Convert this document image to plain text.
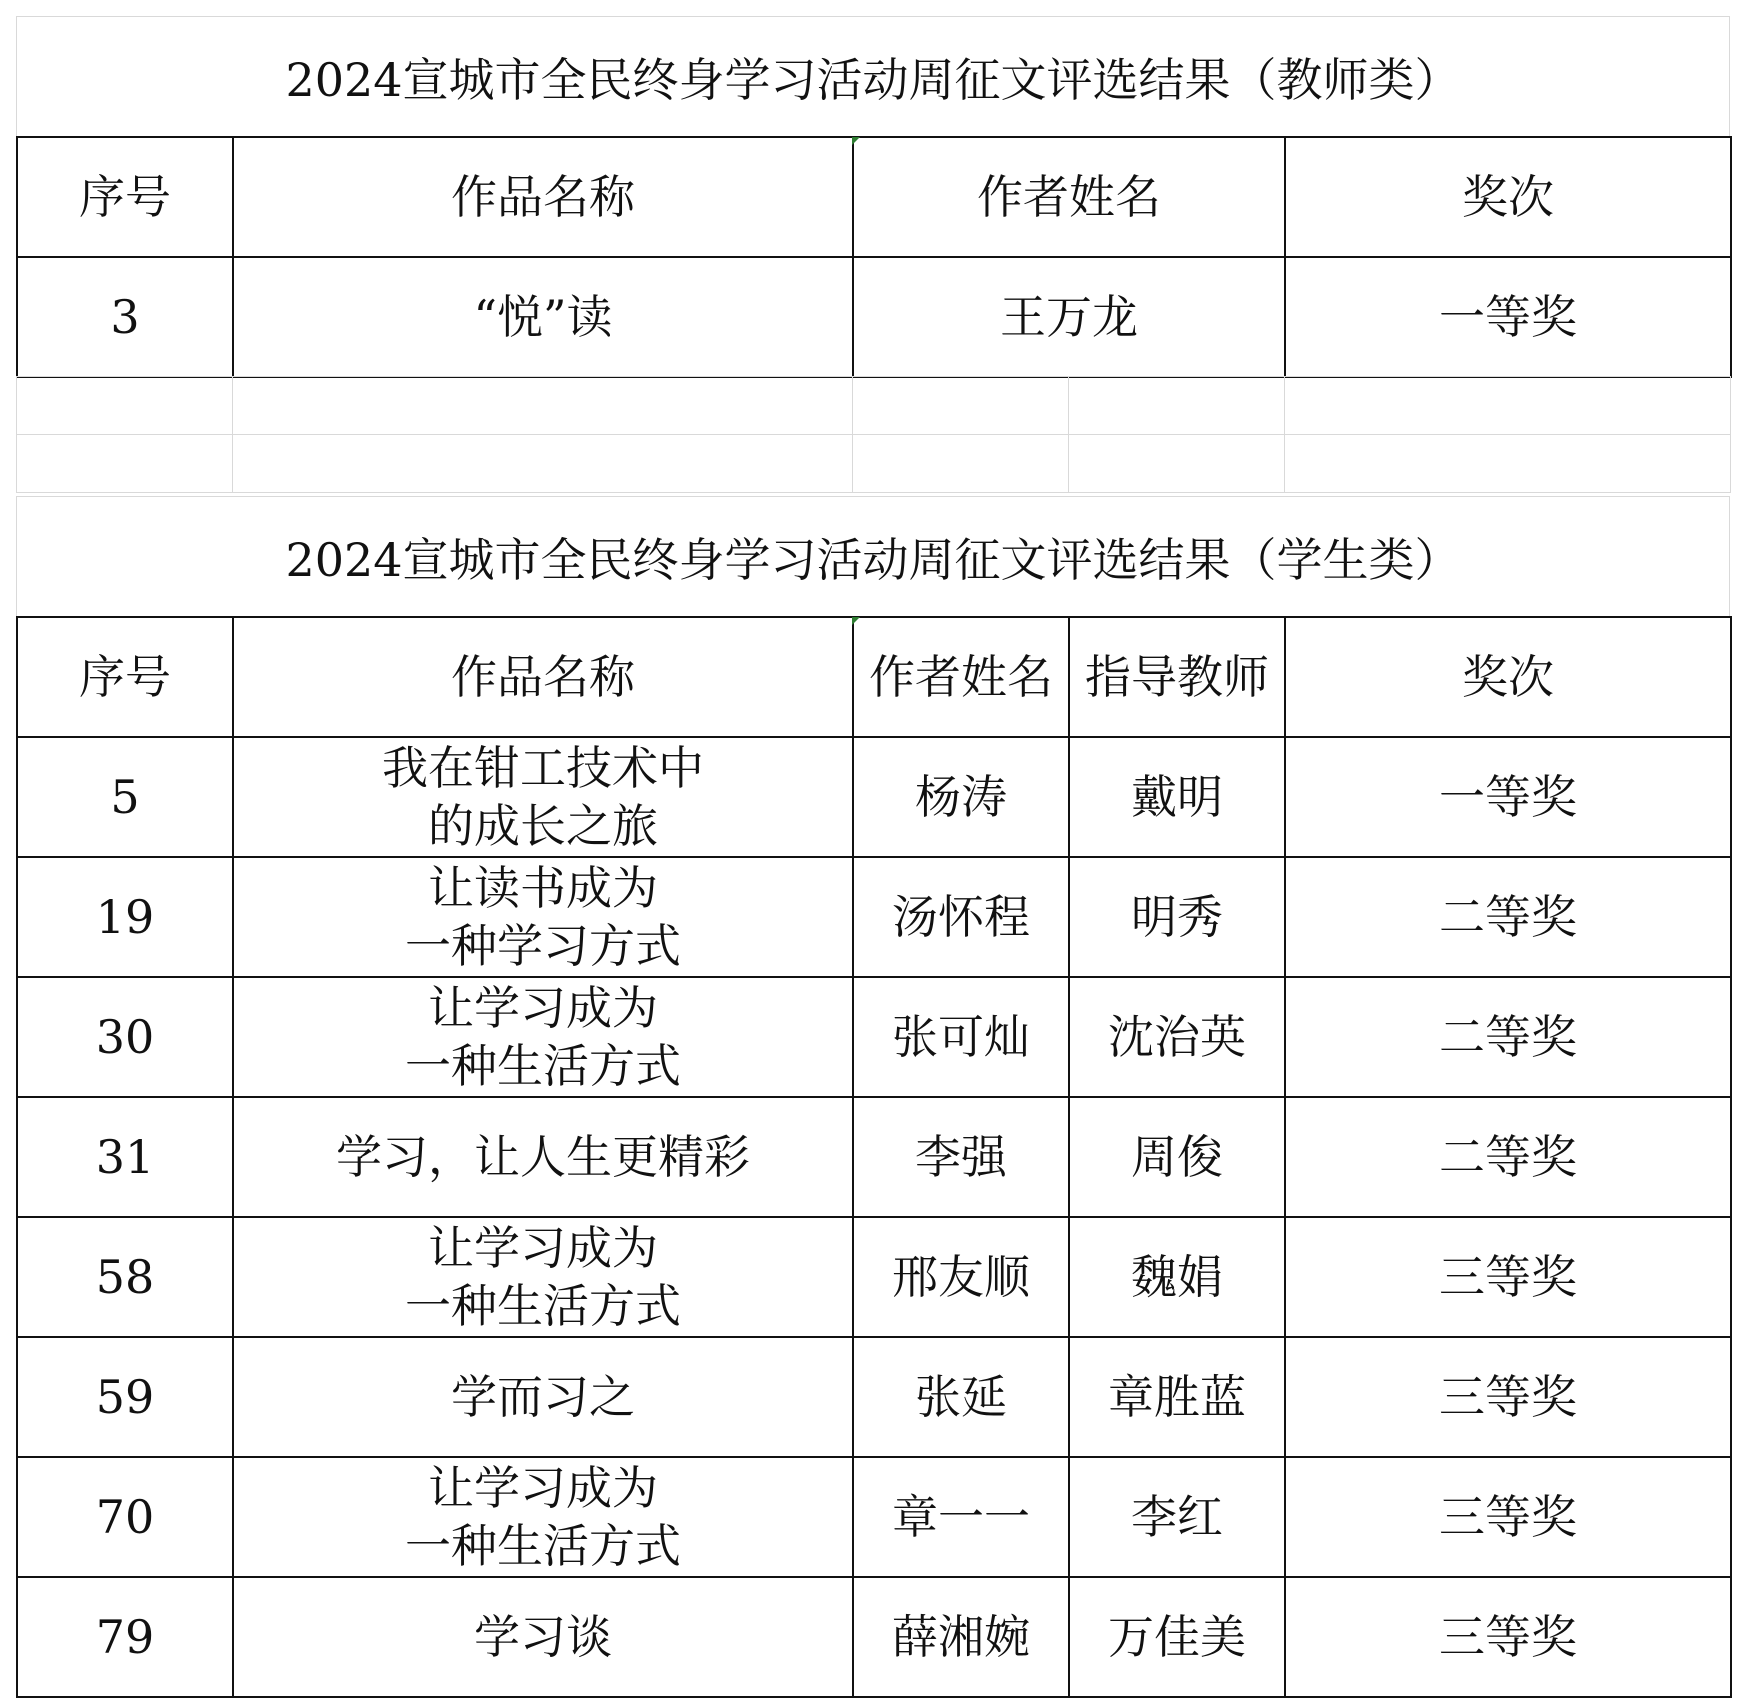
2024宣城市全民终身学习活动周征文评选结果（教师类）
序号	作品名称	作者姓名	奖次
3	“悦”读	王万龙	一等奖

2024宣城市全民终身学习活动周征文评选结果（学生类）
序号	作品名称	作者姓名	指导教师	奖次
5	我在钳工技术中
的成长之旅	杨涛	戴明	一等奖
19	让读书成为
一种学习方式	汤怀程	明秀	二等奖
30	让学习成为
一种生活方式	张可灿	沈治英	二等奖
31	学习，让人生更精彩	李强	周俊	二等奖
58	让学习成为
一种生活方式	邢友顺	魏娟	三等奖
59	学而习之	张延	章胜蓝	三等奖
70	让学习成为
一种生活方式	章一一	李红	三等奖
79	学习谈	薛湘婉	万佳美	三等奖
